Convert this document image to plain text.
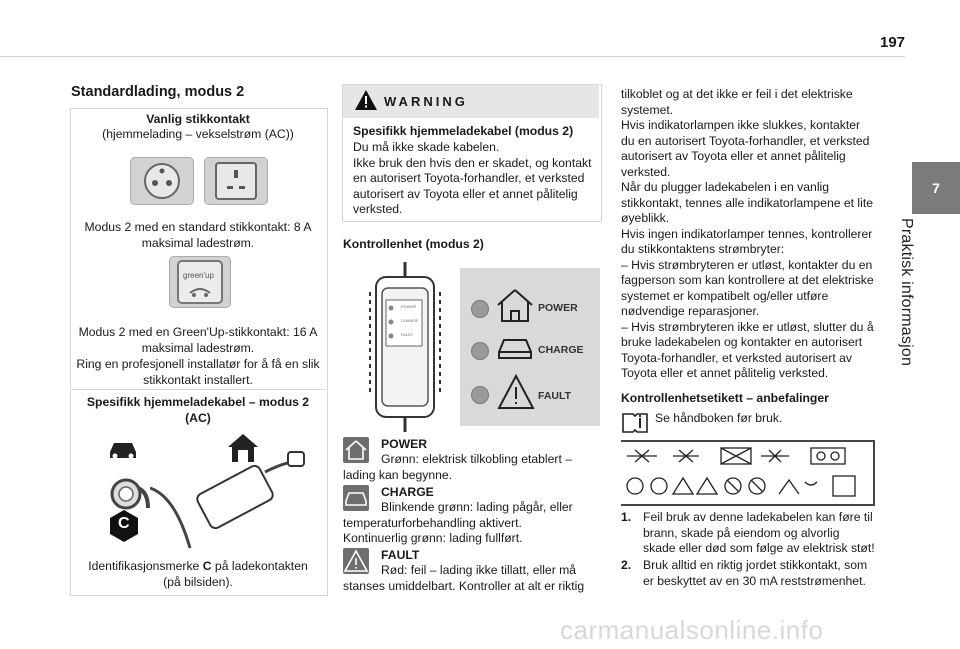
197
7
Praktisk informasjon
Standardlading, modus 2
Vanlig stikkontakt
(hjemmelading – vekselstrøm (AC))
Modus 2 med en standard stikkontakt: 8 A maksimal ladestrøm.
green'up
Modus 2 med en Green'Up-stikkontakt: 16 A maksimal ladestrøm.
Ring en profesjonell installatør for å få en slik stikkontakt installert.
Spesifikk hjemmeladekabel – modus 2 (AC)
C
Identifikasjonsmerke C på ladekontakten (på bilsiden).
WARNING
Spesifikk hjemmeladekabel (modus 2)
Du må ikke skade kabelen.
Ikke bruk den hvis den er skadet, og kontakt en autorisert Toyota-forhandler, et verksted autorisert av Toyota eller et annet pålitelig verksted.
Kontrollenhet (modus 2)
POWER
CHARGE
FAULT
POWER
CHARGE
FAULT
POWER
Grønn: elektrisk tilkobling etablert – lading kan begynne.
CHARGE
Blinkende grønn: lading pågår, eller temperaturforbehandling aktivert.
Kontinuerlig grønn: lading fullført.
FAULT
Rød: feil – lading ikke tillatt, eller må stanses umiddelbart. Kontroller at alt er riktig
tilkoblet og at det ikke er feil i det elektriske systemet.
Hvis indikatorlampen ikke slukkes, kontakter du en autorisert Toyota-forhandler, et verksted autorisert av Toyota eller et annet pålitelig verksted.
Når du plugger ladekabelen i en vanlig stikkontakt, tennes alle indikatorlampene et lite øyeblikk.
Hvis ingen indikatorlamper tennes, kontrollerer du stikkontaktens strømbryter:
– Hvis strømbryteren er utløst, kontakter du en fagperson som kan kontrollere at det elektriske systemet er kompatibelt og/eller utføre nødvendige reparasjoner.
– Hvis strømbryteren ikke er utløst, slutter du å bruke ladekabelen og kontakter en autorisert Toyota-forhandler, et verksted autorisert av Toyota eller et annet pålitelig verksted.
Kontrollenhetsetikett – anbefalinger
Se håndboken før bruk.
1. Feil bruk av denne ladekabelen kan føre til brann, skade på eiendom og alvorlig skade eller død som følge av elektrisk støt!
2. Bruk alltid en riktig jordet stikkontakt, som er beskyttet av en 30 mA reststrømenhet.
carmanualsonline.info
